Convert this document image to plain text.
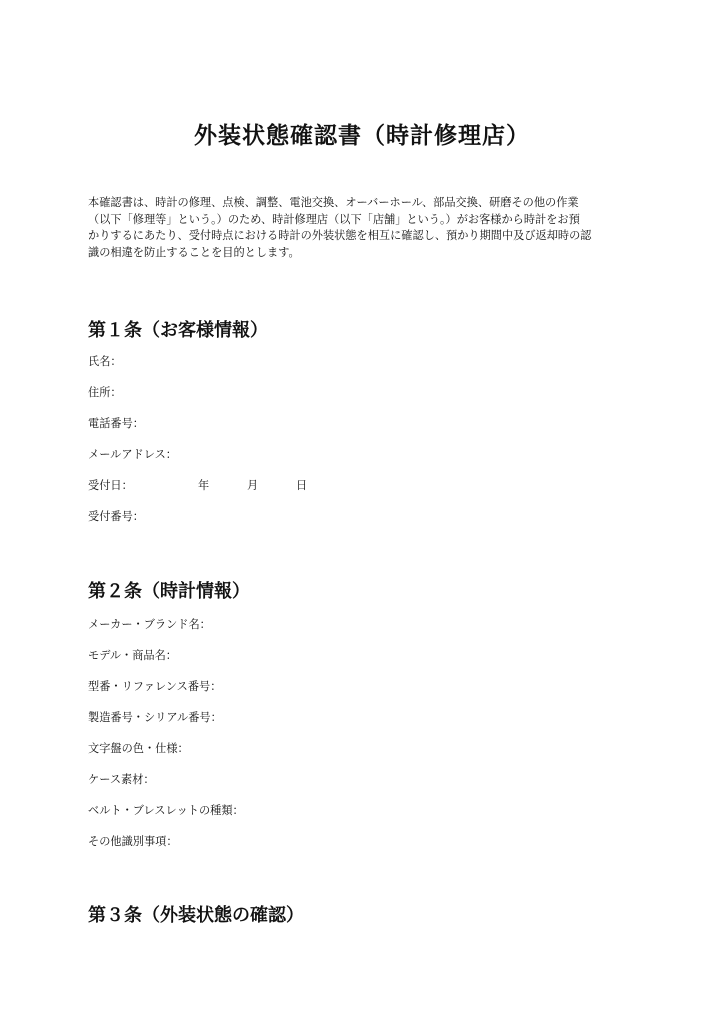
外装状態確認書（時計修理店）
本確認書は、時計の修理、点検、調整、電池交換、オーバーホール、部品交換、研磨その他の作業
（以下「修理等」という。）のため、時計修理店（以下「店舗」という。）がお客様から時計をお預
かりするにあたり、受付時点における時計の外装状態を相互に確認し、預かり期間中及び返却時の認
識の相違を防止することを目的とします。
第１条（お客様情報）
氏名：
住所：
電話番号：
メールアドレス：
受付日：	年	月	日
受付番号：
第２条（時計情報）
メーカー・ブランド名：
モデル・商品名：
型番・リファレンス番号：
製造番号・シリアル番号：
文字盤の色・仕様：
ケース素材：
ベルト・ブレスレットの種類：
その他識別事項：
第３条（外装状態の確認）
